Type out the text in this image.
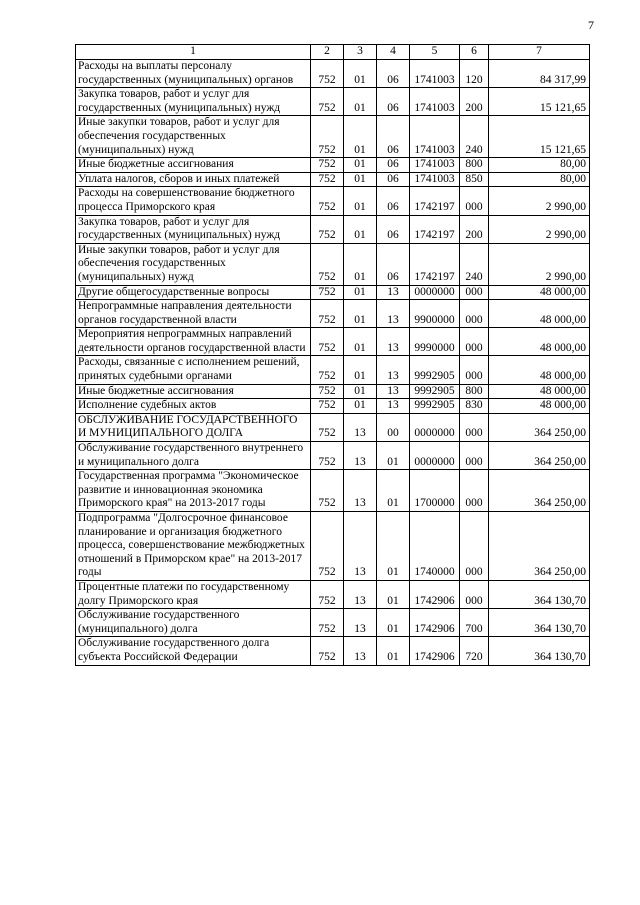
7
1	2	3	4	5	6	7
Расходы на выплаты персоналу государственных (муниципальных) органов	752	01	06	1741003	120	84 317,99
Закупка товаров, работ и услуг для государственных (муниципальных) нужд	752	01	06	1741003	200	15 121,65
Иные закупки товаров, работ и услуг для обеспечения государственных (муниципальных) нужд	752	01	06	1741003	240	15 121,65
Иные бюджетные ассигнования	752	01	06	1741003	800	80,00
Уплата налогов, сборов и иных платежей	752	01	06	1741003	850	80,00
Расходы на совершенствование бюджетного процесса Приморского края	752	01	06	1742197	000	2 990,00
Закупка товаров, работ и услуг для государственных (муниципальных) нужд	752	01	06	1742197	200	2 990,00
Иные закупки товаров, работ и услуг для обеспечения государственных (муниципальных) нужд	752	01	06	1742197	240	2 990,00
Другие общегосударственные вопросы	752	01	13	0000000	000	48 000,00
Непрограммные направления деятельности органов государственной власти	752	01	13	9900000	000	48 000,00
Мероприятия непрограммных направлений деятельности органов государственной власти	752	01	13	9990000	000	48 000,00
Расходы, связанные с исполнением решений, принятых судебными органами	752	01	13	9992905	000	48 000,00
Иные бюджетные ассигнования	752	01	13	9992905	800	48 000,00
Исполнение судебных актов	752	01	13	9992905	830	48 000,00
ОБСЛУЖИВАНИЕ ГОСУДАРСТВЕННОГО И МУНИЦИПАЛЬНОГО ДОЛГА	752	13	00	0000000	000	364 250,00
Обслуживание государственного внутреннего и муниципального долга	752	13	01	0000000	000	364 250,00
Государственная программа "Экономическое развитие и инновационная экономика Приморского края" на 2013-2017 годы	752	13	01	1700000	000	364 250,00
Подпрограмма "Долгосрочное финансовое планирование и организация бюджетного процесса, совершенствование межбюджетных отношений в Приморском крае" на 2013-2017 годы	752	13	01	1740000	000	364 250,00
Процентные платежи по государственному долгу Приморского края	752	13	01	1742906	000	364 130,70
Обслуживание государственного (муниципального) долга	752	13	01	1742906	700	364 130,70
Обслуживание государственного долга субъекта Российской Федерации	752	13	01	1742906	720	364 130,70
